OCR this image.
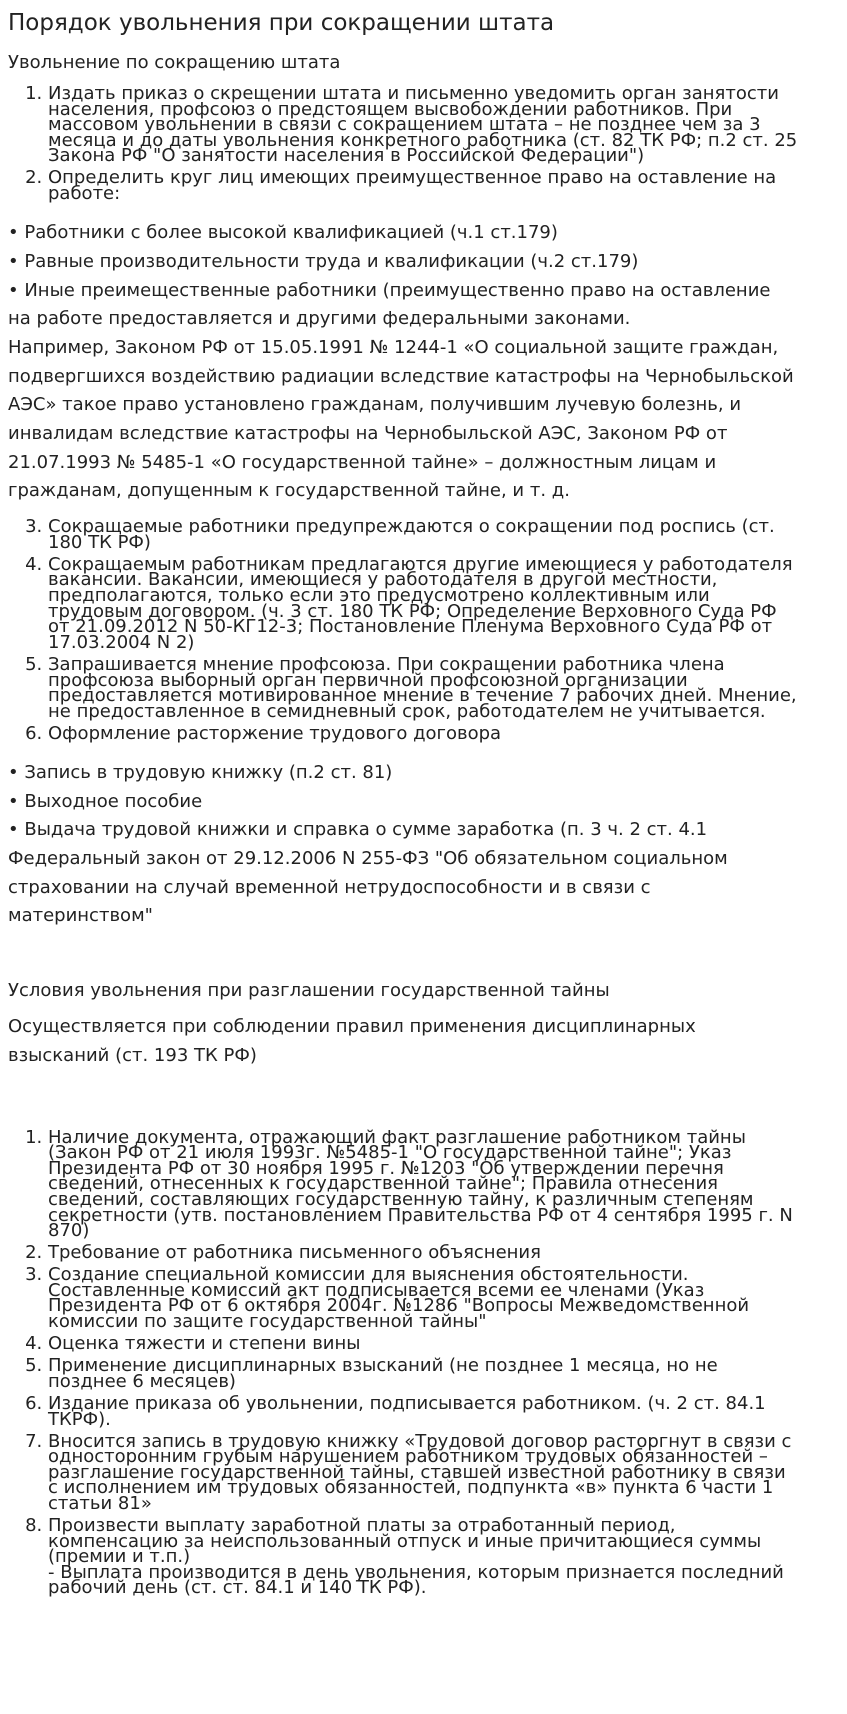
Порядок увольнения при сокращении штата

Увольнение по сокращению штата

1. Издать приказ о скрещении штата и письменно уведомить орган занятости
населения, профсоюз о предстоящем высвобождении работников. При
массовом увольнении в связи с сокращением штата – не позднее чем за 3
месяца и до даты увольнения конкретного работника (ст. 82 ТК РФ; п.2 ст. 25
Закона РФ "О занятости населения в Российской Федерации")
2. Определить круг лиц имеющих преимущественное право на оставление на
работе:

• Работники с более высокой квалификацией (ч.1 ст.179)

• Равные производительности труда и квалификации (ч.2 ст.179)

• Иные преимещественные работники (преимущественно право на оставление

на работе предоставляется и другими федеральными законами.

Например, Законом РФ от 15.05.1991 № 1244-1 «О социальной защите граждан,

подвергшихся воздействию радиации вследствие катастрофы на Чернобыльской

АЭС» такое право установлено гражданам, получившим лучевую болезнь, и

инвалидам вследствие катастрофы на Чернобыльской АЭС, Законом РФ от

21.07.1993 № 5485-1 «О государственной тайне» – должностным лицам и

гражданам, допущенным к государственной тайне, и т. д.

3. Сокращаемые работники предупреждаются о сокращении под роспись (ст.
180 ТК РФ)
4. Сокращаемым работникам предлагаются другие имеющиеся у работодателя
вакансии. Вакансии, имеющиеся у работодателя в другой местности,
предполагаются, только если это предусмотрено коллективным или
трудовым договором. (ч. 3 ст. 180 ТК РФ; Определение Верховного Суда РФ
от 21.09.2012 N 50-КГ12-3; Постановление Пленума Верховного Суда РФ от
17.03.2004 N 2)
5. Запрашивается мнение профсоюза. При сокращении работника члена
профсоюза выборный орган первичной профсоюзной организации
предоставляется мотивированное мнение в течение 7 рабочих дней. Мнение,
не предоставленное в семидневный срок, работодателем не учитывается.
6. Оформление расторжение трудового договора

• Запись в трудовую книжку (п.2 ст. 81)

• Выходное пособие

• Выдача трудовой книжки и справка о сумме заработка (п. 3 ч. 2 ст. 4.1

Федеральный закон от 29.12.2006 N 255-ФЗ "Об обязательном социальном

страховании на случай временной нетрудоспособности и в связи с

материнством"

Условия увольнения при разглашении государственной тайны

Осуществляется при соблюдении правил применения дисциплинарных

взысканий (ст. 193 ТК РФ)

1. Наличие документа, отражающий факт разглашение работником тайны
(Закон РФ от 21 июля 1993г. №5485-1 "О государственной тайне"; Указ
Президента РФ от 30 ноября 1995 г. №1203 "Об утверждении перечня
сведений, отнесенных к государственной тайне"; Правила отнесения
сведений, составляющих государственную тайну, к различным степеням
секретности (утв. постановлением Правительства РФ от 4 сентября 1995 г. N
870)
2. Требование от работника письменного объяснения
3. Создание специальной комиссии для выяснения обстоятельности.
Составленные комиссий акт подписывается всеми ее членами (Указ
Президента РФ от 6 октября 2004г. №1286 "Вопросы Межведомственной
комиссии по защите государственной тайны"
4. Оценка тяжести и степени вины
5. Применение дисциплинарных взысканий (не позднее 1 месяца, но не
позднее 6 месяцев)
6. Издание приказа об увольнении, подписывается работником. (ч. 2 ст. 84.1
ТКРФ).
7. Вносится запись в трудовую книжку «Трудовой договор расторгнут в связи с
односторонним грубым нарушением работником трудовых обязанностей –
разглашение государственной тайны, ставшей известной работнику в связи
с исполнением им трудовых обязанностей, подпункта «в» пункта 6 части 1
статьи 81»
8. Произвести выплату заработной платы за отработанный период,
компенсацию за неиспользованный отпуск и иные причитающиеся суммы
(премии и т.п.)
- Выплата производится в день увольнения, которым признается последний
рабочий день (ст. ст. 84.1 и 140 ТК РФ).
